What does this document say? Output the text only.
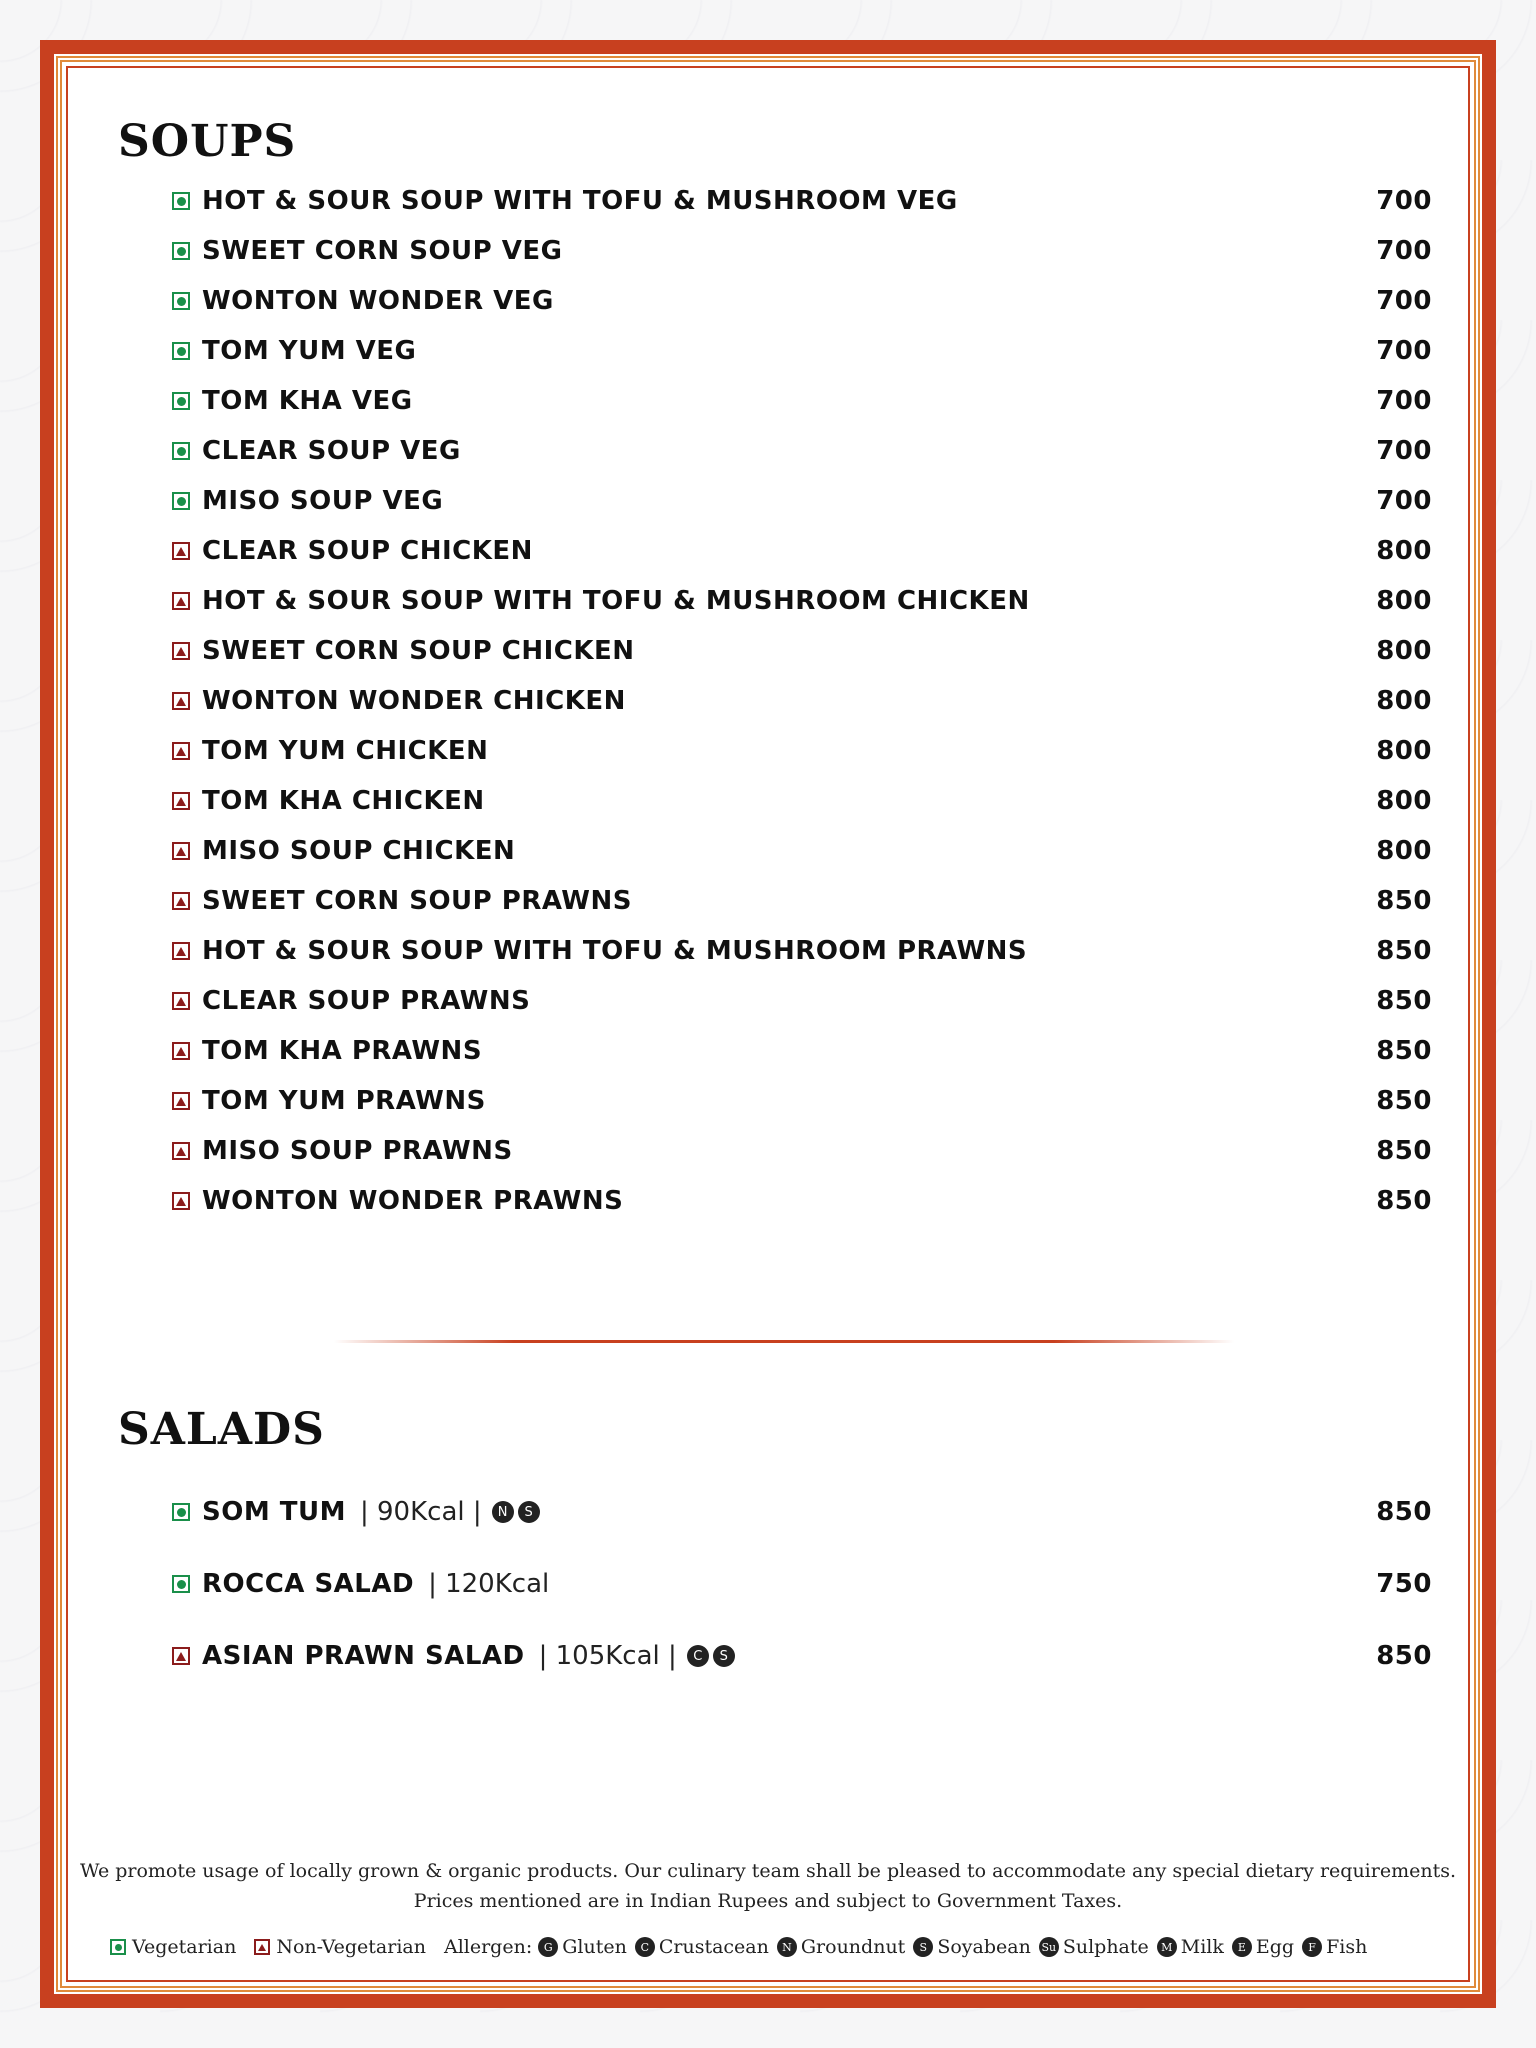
SOUPS
HOT & SOUR SOUP WITH TOFU & MUSHROOM VEG	700
SWEET CORN SOUP VEG	700
WONTON WONDER VEG	700
TOM YUM VEG	700
TOM KHA VEG	700
CLEAR SOUP VEG	700
MISO SOUP VEG	700
CLEAR SOUP CHICKEN	800
HOT & SOUR SOUP WITH TOFU & MUSHROOM CHICKEN	800
SWEET CORN SOUP CHICKEN	800
WONTON WONDER CHICKEN	800
TOM YUM CHICKEN	800
TOM KHA CHICKEN	800
MISO SOUP CHICKEN	800
SWEET CORN SOUP PRAWNS	850
HOT & SOUR SOUP WITH TOFU & MUSHROOM PRAWNS	850
CLEAR SOUP PRAWNS	850
TOM KHA PRAWNS	850
TOM YUM PRAWNS	850
MISO SOUP PRAWNS	850
WONTON WONDER PRAWNS	850
SALADS
SOM TUM | 90Kcal |	N	S	850
ROCCA SALAD | 120Kcal	750
ASIAN PRAWN SALAD | 105Kcal |	C	S	850
We promote usage of locally grown & organic products. Our culinary team shall be pleased to accommodate any special dietary requirements.
Prices mentioned are in Indian Rupees and subject to Government Taxes.
Vegetarian Non-Vegetarian Allergen:	G Gluten	C Crustacean	N Groundnut	S Soyabean Su Sulphate	M Milk	E Egg	F Fish
